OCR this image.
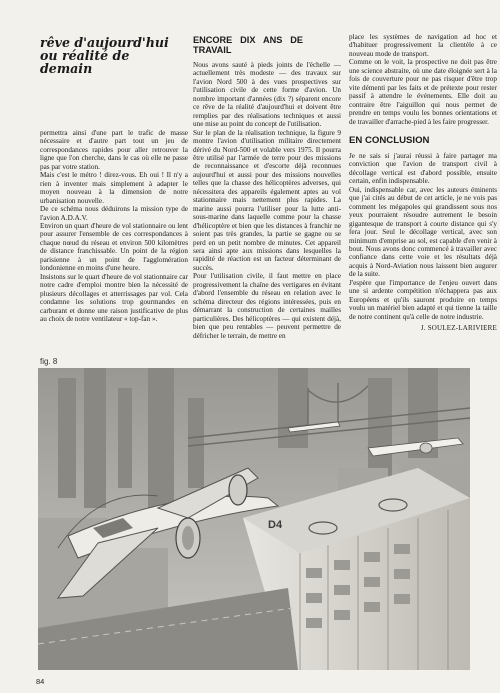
rêve d'aujourd'hui ou réalité de demain

permettra ainsi d'une part le trafic de masse nécessaire et d'autre part tout un jeu de correspondances rapides pour aller retrouver la ligne que l'on cherche, dans le cas où elle ne passe pas par votre station.

Mais c'est le métro ! direz-vous. Eh oui ! Il n'y a rien à inventer mais simplement à adapter le moyen nouveau à la dimension de notre urbanisation nouvelle.

De ce schéma nous déduirons la mission type de l'avion A.D.A.V.

Environ un quart d'heure de vol stationnaire ou lent pour assurer l'ensemble de ces correspondances à chaque nœud du réseau et environ 500 kilomètres de distance franchissable. Un point de la région parisienne à un point de l'agglomération londonienne en moins d'une heure.

Insistons sur le quart d'heure de vol stationnaire car notre cadre d'emploi montre bien la nécessité de plusieurs décollages et atterrissages par vol. Cela condamne les solutions trop gourmandes en carburant et donne une raison justificative de plus au choix de notre ventilateur « top-fan ».

ENCORE DIX ANS DE TRAVAIL

Nous avons sauté à pieds joints de l'échelle — actuellement très modeste — des travaux sur l'avion Nord 500 à des vues prospectives sur l'utilisation civile de cette forme d'avion. Un nombre important d'années (dix ?) séparent encore ce rêve de la réalité d'aujourd'hui et doivent être remplies par des réalisations techniques et aussi une mise au point du concept de l'utilisation.

Sur le plan de la réalisation technique, la figure 9 montre l'avion d'utilisation militaire directement dérivé du Nord-500 et volable vers 1975. Il pourra être utilisé par l'armée de terre pour des missions de reconnaissance et d'escorte déjà reconnues aujourd'hui et aussi pour des missions nouvelles telles que la chasse des hélicoptères adverses, qui nécessitera des appareils également aptes au vol stationnaire mais nettement plus rapides. La marine aussi pourra l'utiliser pour la lutte anti-sous-marine dans laquelle comme pour la chasse d'hélicoptère et bien que les distances à franchir ne soient pas très grandes, la partie se gagne ou se perd en un petit nombre de minutes. Cet appareil sera ainsi apte aux missions dans lesquelles la rapidité de réaction est un facteur déterminant de succès.

Pour l'utilisation civile, il faut mettre en place progressivement la chaîne des vertigares en évitant d'abord l'ensemble du réseau en relation avec le schéma directeur des régions intéressées, puis en démarrant la construction de certaines mailles particulières. Des hélicoptères — qui existent déjà, bien que peu rentables — peuvent permettre de défricher le terrain, de mettre en

place les systèmes de navigation ad hoc et d'habituer progressivement la clientèle à ce nouveau mode de transport.

Comme on le voit, la prospective ne doit pas être une science abstraite, où une date éloignée sert à la fois de couverture pour ne pas risquer d'être trop vite démenti par les faits et de prétexte pour rester passif à attendre le événements. Elle doit au contraire être l'aiguillon qui nous permet de prendre en temps voulu les bonnes orientations et de travailler d'arrache-pied à les faire progresser.

EN CONCLUSION

Je ne sais si j'aurai réussi à faire partager ma conviction que l'avion de transport civil à décollage vertical est d'abord possible, ensuite certain, enfin indispensable.

Oui, indispensable car, avec les auteurs éminents que j'ai cités au début de cet article, je ne vois pas comment les mégapoles qui grandissent sous nos yeux pourraient résoudre autrement le besoin gigantesque de transport à courte distance qui s'y fera jour. Seul le décollage vertical, avec son minimum d'emprise au sol, est capable d'en venir à bout. Nous avons donc commencé à travailler avec confiance dans cette voie et les résultats déjà acquis à Nord-Aviation nous laissent bien augurer de la suite.

J'espère que l'importance de l'enjeu ouvert dans une si ardente compétition n'échappera pas aux Européens et qu'ils sauront produire en temps voulu un matériel bien adapté et qui tienne la taille de notre continent qu'à celle de notre industrie.

J. SOULEZ-LARIVIERE
fig. 8
D4
84
